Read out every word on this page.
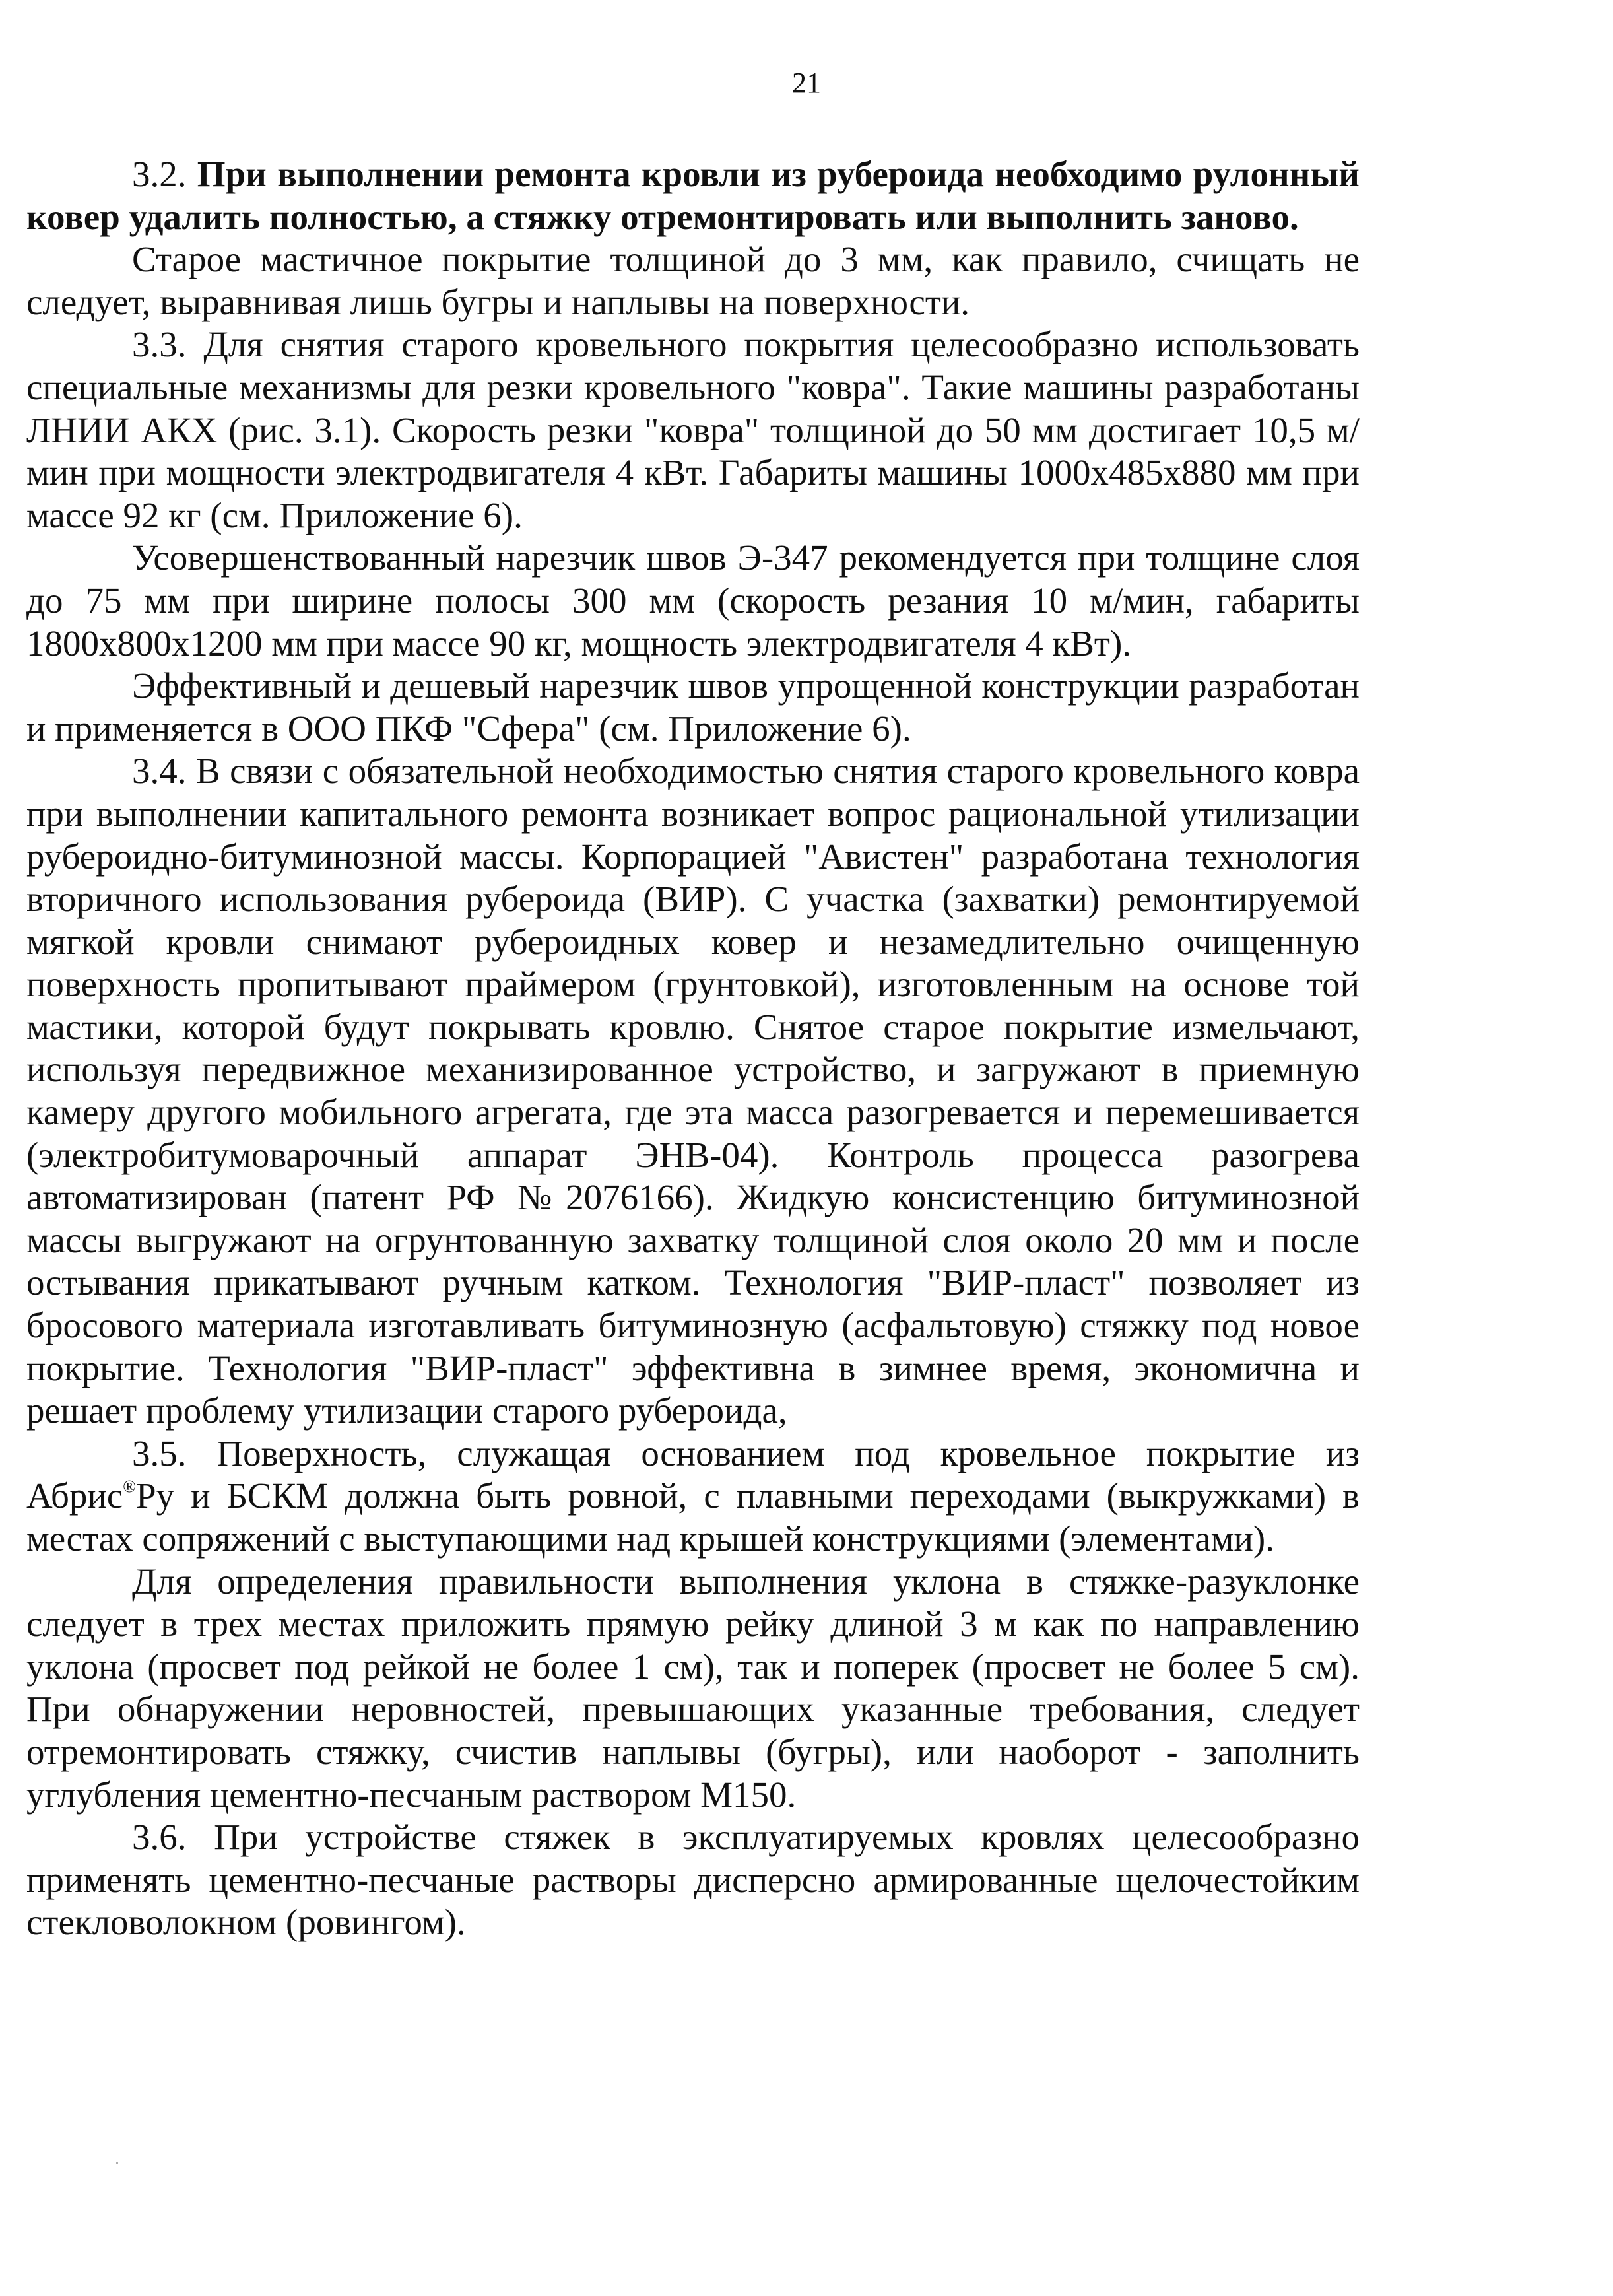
21

3.2. При выполнении ремонта кровли из рубероида необходимо рулонный ковер удалить полностью, а стяжку отремонтировать или выполнить заново.

Старое мастичное покрытие толщиной до 3 мм, как правило, счищать не следует, выравнивая лишь бугры и наплывы на поверхности.

3.3. Для снятия старого кровельного покрытия целесообразно использовать специальные механизмы для резки кровельного "ковра". Такие машины разработаны ЛНИИ АКХ (рис. 3.1). Скорость резки "ковра" толщиной до 50 мм достигает 10,5 м/мин при мощности электродвигателя 4 кВт. Габариты машины 1000х485х880 мм при массе 92 кг (см. Приложение 6).

Усовершенствованный нарезчик швов Э-347 рекомендуется при толщине слоя до 75 мм при ширине полосы 300 мм (скорость резания 10 м/мин, габариты 1800х800х1200 мм при массе 90 кг, мощность электродвигателя 4 кВт).

Эффективный и дешевый нарезчик швов упрощенной конструкции разработан и применяется в ООО ПКФ "Сфера" (см. Приложение 6).

3.4. В связи с обязательной необходимостью снятия старого кровельного ковра при выполнении капитального ремонта возникает вопрос рациональной утилизации рубероидно-битуминозной массы. Корпорацией "Авистен" разработана технология вторичного использования рубероида (ВИР). С участка (захватки) ремонтируемой мягкой кровли снимают рубероидных ковер и незамедлительно очищенную поверхность пропитывают праймером (грунтовкой), изготовленным на основе той мастики, которой будут покрывать кровлю. Снятое старое покрытие измельчают, используя передвижное механизированное устройство, и загружают в приемную камеру другого мобильного агрегата, где эта масса разогревается и перемешивается (электробитумоварочный аппарат ЭНВ-04). Контроль процесса разогрева автоматизирован (патент РФ №2076166). Жидкую консистенцию битуминозной массы выгружают на огрунтованную захватку толщиной слоя около 20 мм и после остывания прикатывают ручным катком. Технология "ВИР-пласт" позволяет из бросового материала изготавливать битуминозную (асфальтовую) стяжку под новое покрытие. Технология "ВИР-пласт" эффективна в зимнее время, экономична и решает проблему утилизации старого рубероида,

3.5. Поверхность, служащая основанием под кровельное покрытие из Абрис®Ру и БСКМ должна быть ровной, с плавными переходами (выкружками) в местах сопряжений с выступающими над крышей конструкциями (элементами).

Для определения правильности выполнения уклона в стяжке-разуклонке следует в трех местах приложить прямую рейку длиной 3 м как по направлению уклона (просвет под рейкой не более 1 см), так и поперек (просвет не более 5 см). При обнаружении неровностей, превышающих указанные требования, следует отремонтировать стяжку, счистив наплывы (бугры), или наоборот - заполнить углубления цементно-песчаным раствором М150.

3.6. При устройстве стяжек в эксплуатируемых кровлях целесообразно применять цементно-песчаные растворы дисперсно армированные щелочестойким стекловолокном (ровингом).
